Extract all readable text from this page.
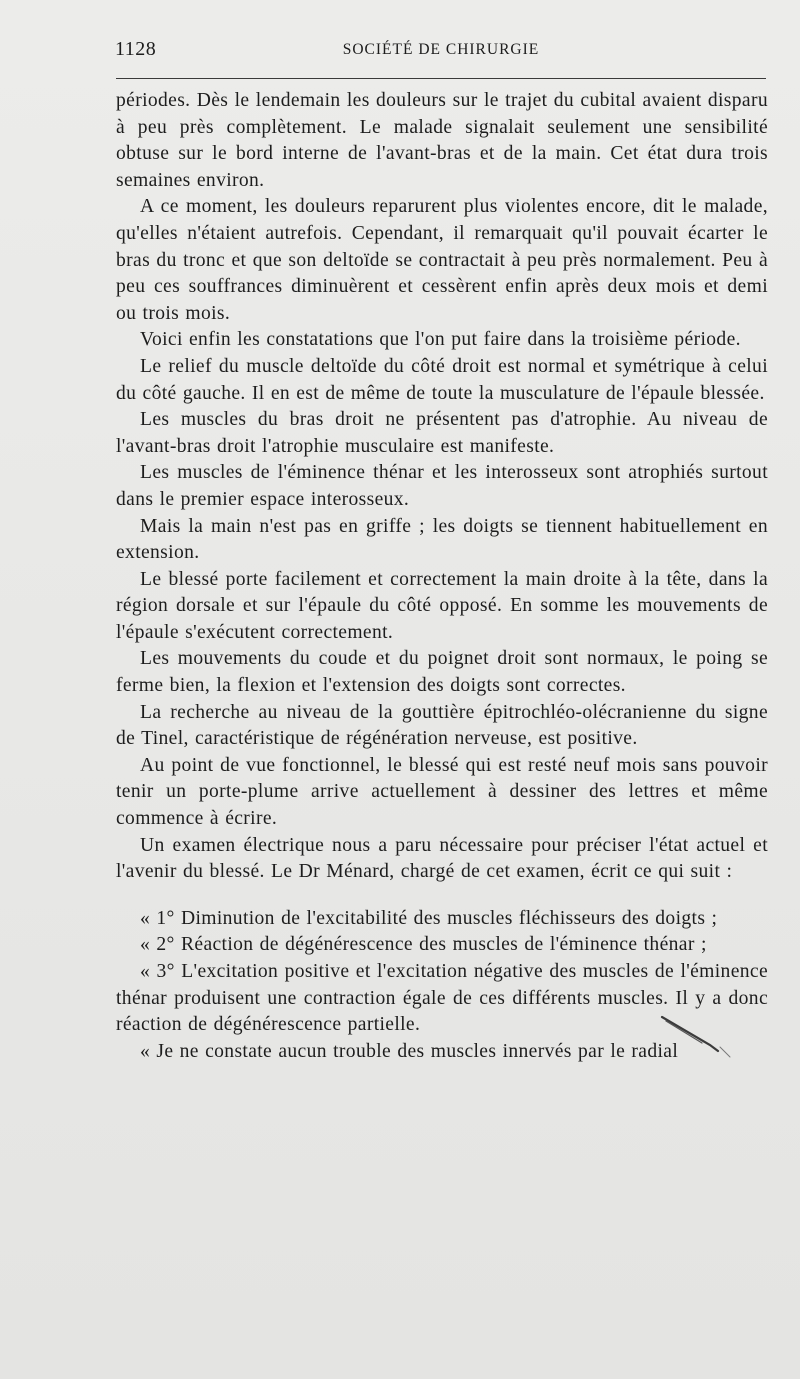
1128	SOCIÉTÉ DE CHIRURGIE

périodes. Dès le lendemain les douleurs sur le trajet du cubital avaient disparu à peu près complètement. Le malade signalait seulement une sensibilité obtuse sur le bord interne de l'avant-bras et de la main. Cet état dura trois semaines environ.

A ce moment, les douleurs reparurent plus violentes encore, dit le malade, qu'elles n'étaient autrefois. Cependant, il remarquait qu'il pouvait écarter le bras du tronc et que son deltoïde se contractait à peu près normalement. Peu à peu ces souffrances diminuèrent et cessèrent enfin après deux mois et demi ou trois mois.

Voici enfin les constatations que l'on put faire dans la troisième période.

Le relief du muscle deltoïde du côté droit est normal et symétrique à celui du côté gauche. Il en est de même de toute la musculature de l'épaule blessée.

Les muscles du bras droit ne présentent pas d'atrophie. Au niveau de l'avant-bras droit l'atrophie musculaire est manifeste.

Les muscles de l'éminence thénar et les interosseux sont atrophiés surtout dans le premier espace interosseux.

Mais la main n'est pas en griffe ; les doigts se tiennent habituellement en extension.

Le blessé porte facilement et correctement la main droite à la tête, dans la région dorsale et sur l'épaule du côté opposé. En somme les mouvements de l'épaule s'exécutent correctement.

Les mouvements du coude et du poignet droit sont normaux, le poing se ferme bien, la flexion et l'extension des doigts sont correctes.

La recherche au niveau de la gouttière épitrochléo-olécranienne du signe de Tinel, caractéristique de régénération nerveuse, est positive.

Au point de vue fonctionnel, le blessé qui est resté neuf mois sans pouvoir tenir un porte-plume arrive actuellement à dessiner des lettres et même commence à écrire.

Un examen électrique nous a paru nécessaire pour préciser l'état actuel et l'avenir du blessé. Le Dr Ménard, chargé de cet examen, écrit ce qui suit :

« 1° Diminution de l'excitabilité des muscles fléchisseurs des doigts ;

« 2° Réaction de dégénérescence des muscles de l'éminence thénar ;

« 3° L'excitation positive et l'excitation négative des muscles de l'éminence thénar produisent une contraction égale de ces différents muscles. Il y a donc réaction de dégénérescence partielle.

« Je ne constate aucun trouble des muscles innervés par le radial
